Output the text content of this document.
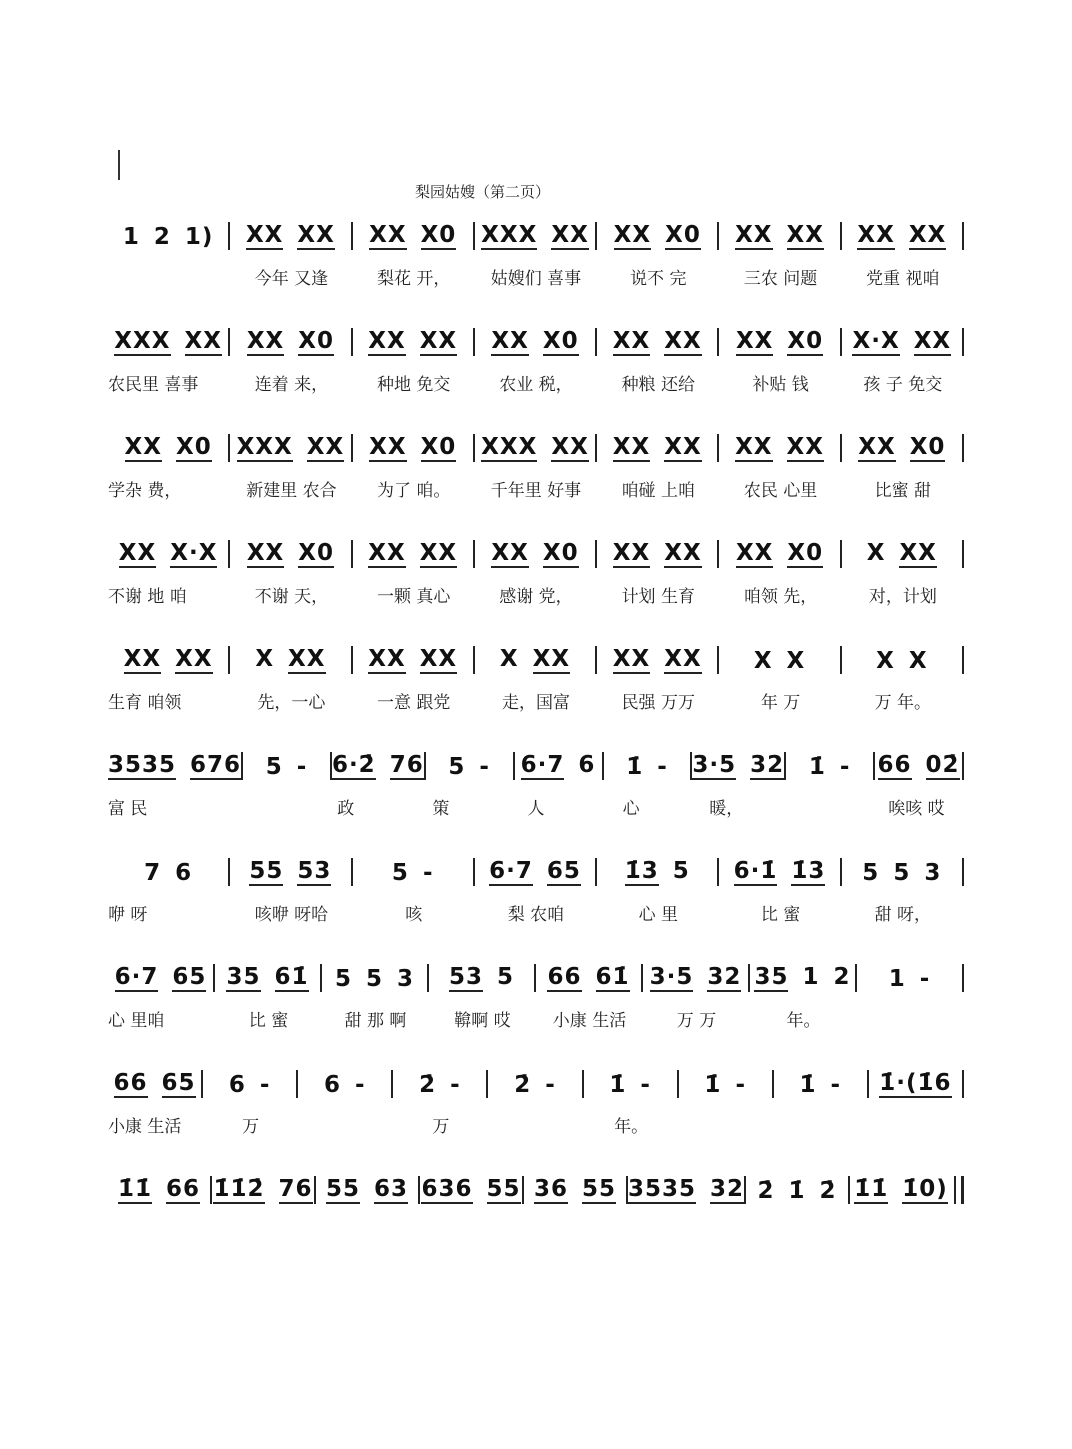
梨园姑嫂（第二页）
1 2 1) XX XX XX X0 XXX XX XX X0 XX XX XX XX
今年 又逢	梨花 开，	姑嫂们 喜事	说不 完	三农 问题	党重 视咱
XXX XX XX X0 XX XX XX X0 XX XX XX X0 X·X XX
农民里 喜事	连着 来，	种地 免交	农业 税，	种粮 还给	补贴 钱	孩 子 免交
XX X0 XXX XX XX X0 XXX XX XX XX XX XX XX X0
学杂 费，	新建里 农合	为了 咱。	千年里 好事	咱碰 上咱	农民 心里	比蜜 甜
XX X·X XX X0 XX XX XX X0 XX XX XX X0 X XX
不谢 地 咱	不谢 天，	一颗 真心	感谢 党，	计划 生育	咱领 先，	对，计划
XX XX X XX XX XX X XX XX XX X X	X X
生育 咱领	先，一心	一意 跟党	走，国富	民强 万万	年 万	万 年。
3535 676 5 - 6·2̇ 76 5 - 6·7 6 1̇ - 3·5 32 1̇ - 66 02̇
富 民	政	策	人	心	暖，	唉咳 哎
7 6 55 53	5 - 6·7 65 1̇3 5 6·1̇ 1̇3 5 5 3
咿 呀	咳咿 呀哈	咳	梨 农咱	心 里	比 蜜	甜 呀，
6·7 65 35 61̇ 5 5 3 53 5 66 61̇ 3·5 32 35 1 2 1 -
心 里咱	比 蜜	甜 那 啊	鞥啊 哎	小康 生活	万 万	年。
66 65 6 - 6 - 2̇ - 2̇ - 1̇ - 1̇ - 1̇ - 1̇·(1̇6
小康 生活	万	万	年。
1̇1̇ 66 1̇1̇2̇ 76 55 63 636 55 36 55 3535 32 2̇ 1̇ 2̇ 1̇1̇ 1̇0)
